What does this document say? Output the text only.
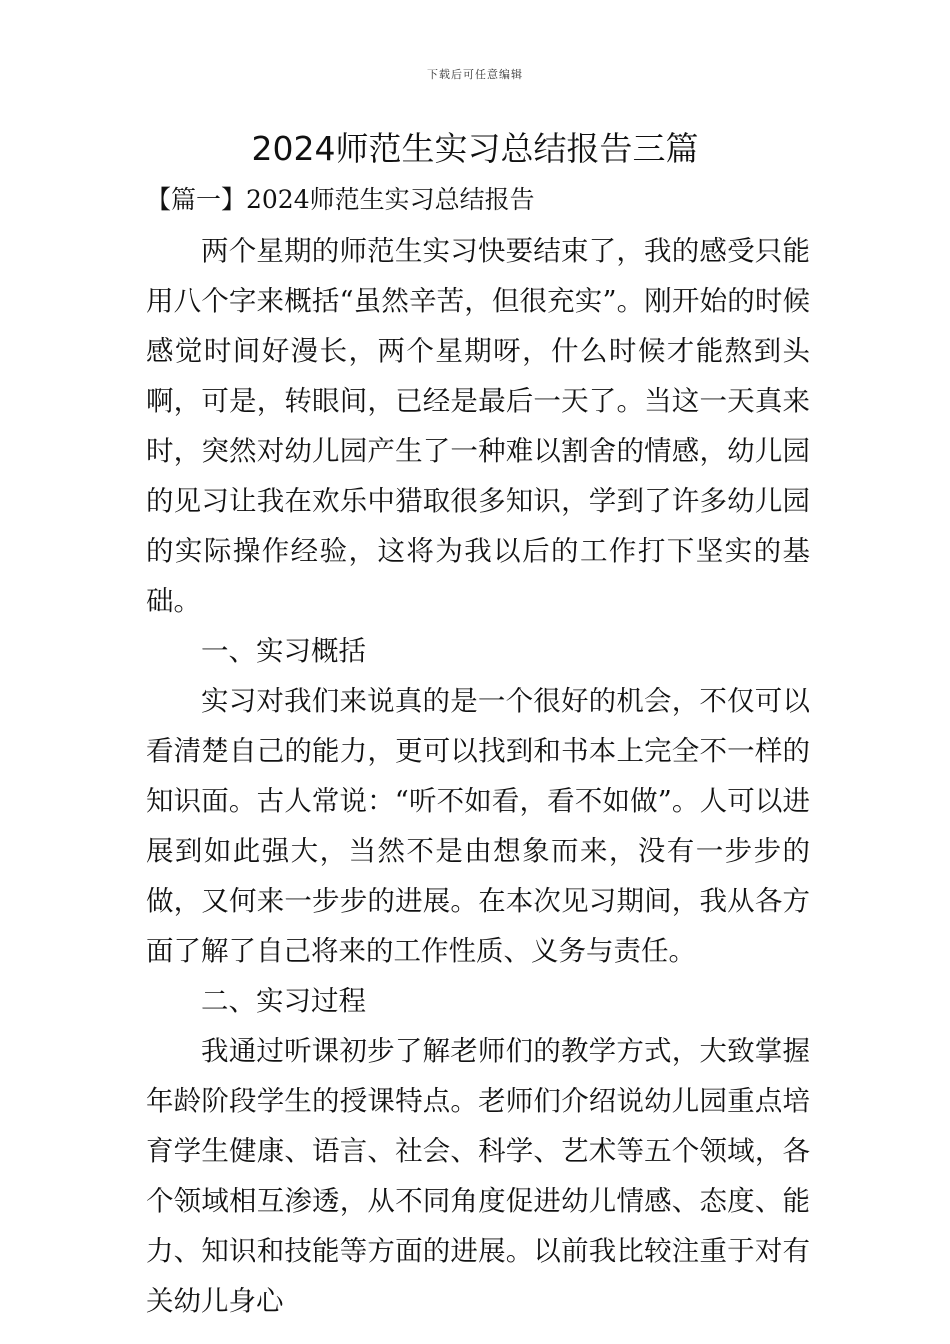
下载后可任意编辑
2024师范生实习总结报告三篇
【篇一】2024师范生实习总结报告

两个星期的师范生实习快要结束了，我的感受只能用八个字来概括“虽然辛苦，但很充实”。刚开始的时候感觉时间好漫长，两个星期呀，什么时候才能熬到头啊，可是，转眼间，已经是最后一天了。当这一天真来时，突然对幼儿园产生了一种难以割舍的情感，幼儿园的见习让我在欢乐中猎取很多知识，学到了许多幼儿园的实际操作经验，这将为我以后的工作打下坚实的基础。

一、实习概括

实习对我们来说真的是一个很好的机会，不仅可以看清楚自己的能力，更可以找到和书本上完全不一样的知识面。古人常说：“听不如看，看不如做”。人可以进展到如此强大，当然不是由想象而来，没有一步步的做，又何来一步步的进展。在本次见习期间，我从各方面了解了自己将来的工作性质、义务与责任。

二、实习过程

我通过听课初步了解老师们的教学方式，大致掌握年龄阶段学生的授课特点。老师们介绍说幼儿园重点培育学生健康、语言、社会、科学、艺术等五个领域，各个领域相互渗透，从不同角度促进幼儿情感、态度、能力、知识和技能等方面的进展。以前我比较注重于对有关幼儿身心
